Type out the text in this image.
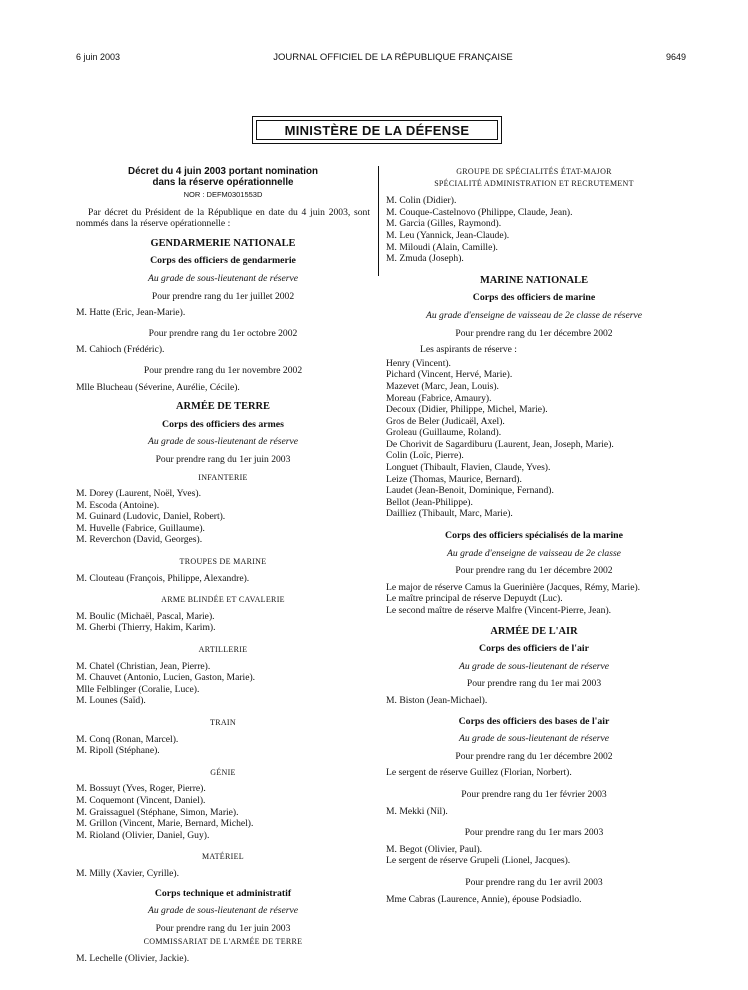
6 juin 2003	JOURNAL OFFICIEL DE LA RÉPUBLIQUE FRANÇAISE	9649
MINISTÈRE DE LA DÉFENSE
Décret du 4 juin 2003 portant nomination
dans la réserve opérationnelle
NOR : DEFM0301553D
Par décret du Président de la République en date du 4 juin 2003, sont nommés dans la réserve opérationnelle :
GENDARMERIE NATIONALE
Corps des officiers de gendarmerie
Au grade de sous-lieutenant de réserve
Pour prendre rang du 1er juillet 2002
M. Hatte (Eric, Jean-Marie).
Pour prendre rang du 1er octobre 2002
M. Cahioch (Frédéric).
Pour prendre rang du 1er novembre 2002
Mlle Blucheau (Séverine, Aurélie, Cécile).
ARMÉE DE TERRE
Corps des officiers des armes
Au grade de sous-lieutenant de réserve
Pour prendre rang du 1er juin 2003
INFANTERIE
M. Dorey (Laurent, Noël, Yves).
M. Escoda (Antoine).
M. Guinard (Ludovic, Daniel, Robert).
M. Huvelle (Fabrice, Guillaume).
M. Reverchon (David, Georges).
TROUPES DE MARINE
M. Clouteau (François, Philippe, Alexandre).
ARME BLINDÉE ET CAVALERIE
M. Boulic (Michaël, Pascal, Marie).
M. Gherbi (Thierry, Hakim, Karim).
ARTILLERIE
M. Chatel (Christian, Jean, Pierre).
M. Chauvet (Antonio, Lucien, Gaston, Marie).
Mlle Felblinger (Coralie, Luce).
M. Lounes (Saïd).
TRAIN
M. Conq (Ronan, Marcel).
M. Ripoll (Stéphane).
GÉNIE
M. Bossuyt (Yves, Roger, Pierre).
M. Coquemont (Vincent, Daniel).
M. Graissaguel (Stéphane, Simon, Marie).
M. Grillon (Vincent, Marie, Bernard, Michel).
M. Rioland (Olivier, Daniel, Guy).
MATÉRIEL
M. Milly (Xavier, Cyrille).
Corps technique et administratif
Au grade de sous-lieutenant de réserve
Pour prendre rang du 1er juin 2003
COMMISSARIAT DE L'ARMÉE DE TERRE
M. Lechelle (Olivier, Jackie).
GROUPE DE SPÉCIALITÉS ÉTAT-MAJOR
SPÉCIALITÉ ADMINISTRATION ET RECRUTEMENT
M. Colin (Didier).
M. Couque-Castelnovo (Philippe, Claude, Jean).
M. Garcia (Gilles, Raymond).
M. Leu (Yannick, Jean-Claude).
M. Miloudi (Alain, Camille).
M. Zmuda (Joseph).
MARINE NATIONALE
Corps des officiers de marine
Au grade d'enseigne de vaisseau de 2e classe de réserve
Pour prendre rang du 1er décembre 2002
Les aspirants de réserve :
Henry (Vincent).
Pichard (Vincent, Hervé, Marie).
Mazevet (Marc, Jean, Louis).
Moreau (Fabrice, Amaury).
Decoux (Didier, Philippe, Michel, Marie).
Gros de Beler (Judicaël, Axel).
Groleau (Guillaume, Roland).
De Chorivit de Sagardiburu (Laurent, Jean, Joseph, Marie).
Colin (Loïc, Pierre).
Longuet (Thibault, Flavien, Claude, Yves).
Leize (Thomas, Maurice, Bernard).
Laudet (Jean-Benoit, Dominique, Fernand).
Bellot (Jean-Philippe).
Dailliez (Thibault, Marc, Marie).
Corps des officiers spécialisés de la marine
Au grade d'enseigne de vaisseau de 2e classe
Pour prendre rang du 1er décembre 2002
Le major de réserve Camus la Guerinière (Jacques, Rémy, Marie).
Le maître principal de réserve Depuydt (Luc).
Le second maître de réserve Malfre (Vincent-Pierre, Jean).
ARMÉE DE L'AIR
Corps des officiers de l'air
Au grade de sous-lieutenant de réserve
Pour prendre rang du 1er mai 2003
M. Biston (Jean-Michael).
Corps des officiers des bases de l'air
Au grade de sous-lieutenant de réserve
Pour prendre rang du 1er décembre 2002
Le sergent de réserve Guillez (Florian, Norbert).
Pour prendre rang du 1er février 2003
M. Mekki (Nil).
Pour prendre rang du 1er mars 2003
M. Begot (Olivier, Paul).
Le sergent de réserve Grupeli (Lionel, Jacques).
Pour prendre rang du 1er avril 2003
Mme Cabras (Laurence, Annie), épouse Podsiadlo.
